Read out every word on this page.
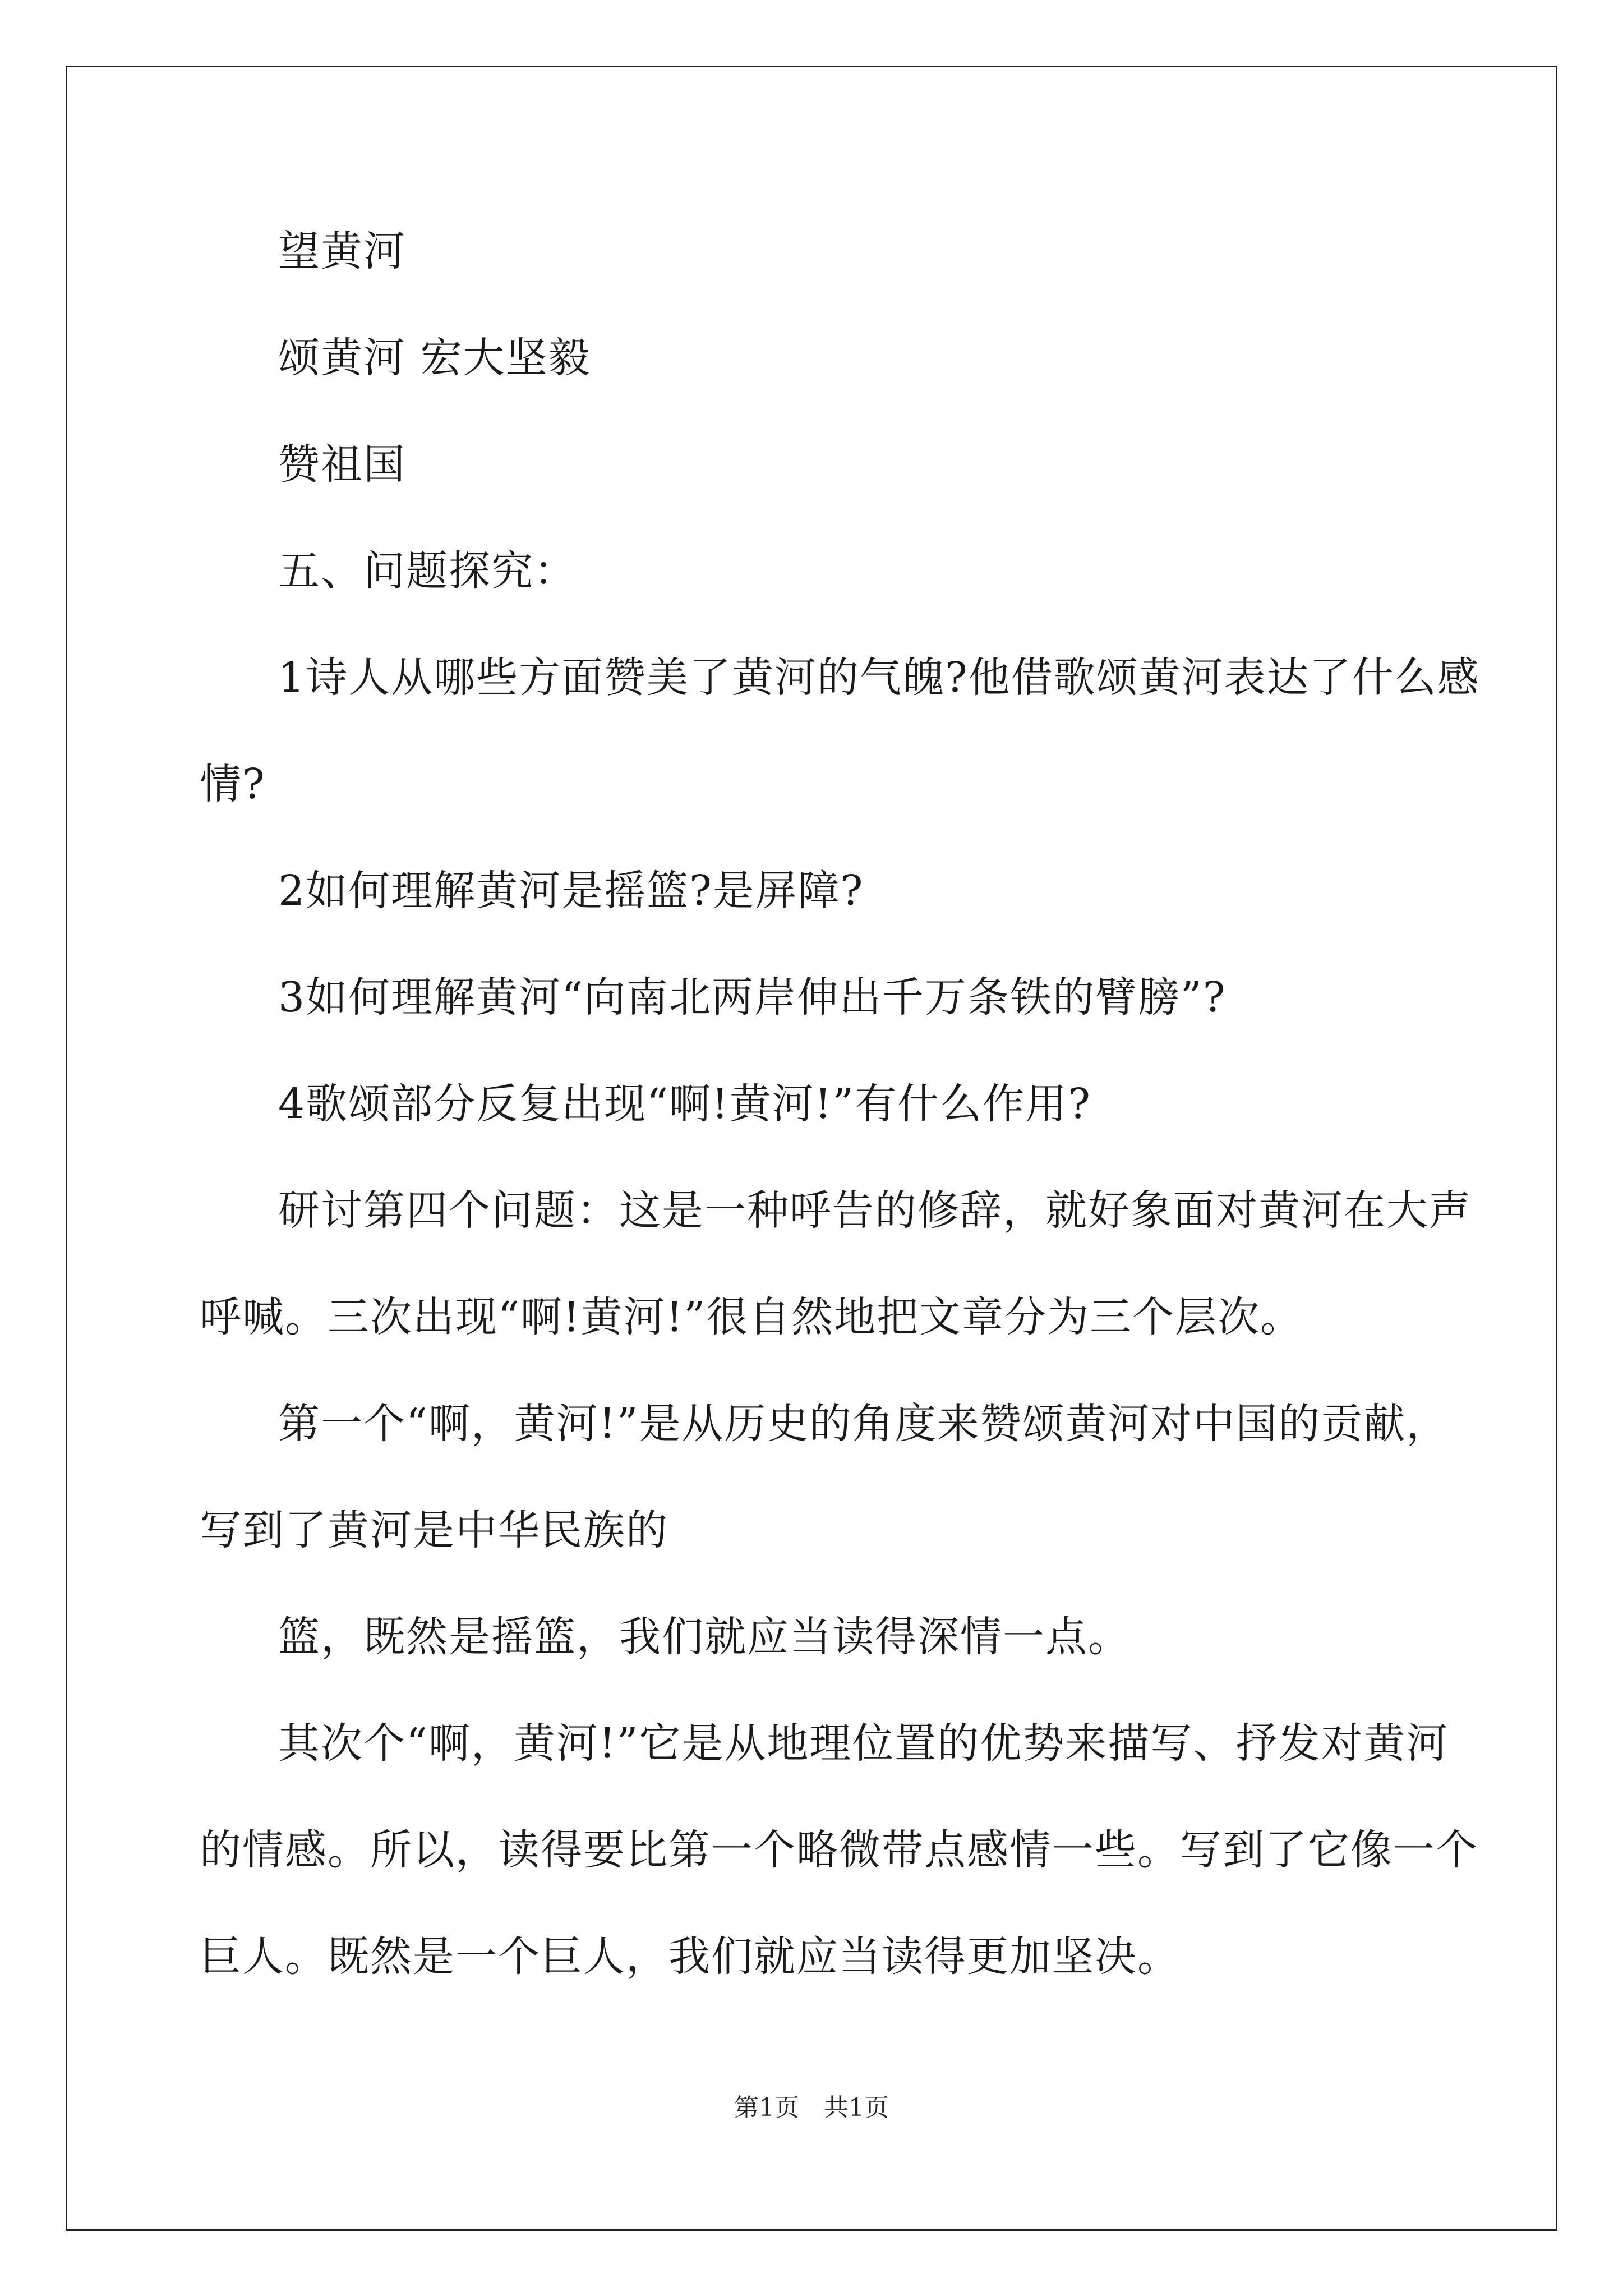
望黄河
颂黄河 宏大坚毅
赞祖国
五、问题探究：
1诗人从哪些方面赞美了黄河的气魄?他借歌颂黄河表达了什么感
情?
2如何理解黄河是摇篮?是屏障?
3如何理解黄河“向南北两岸伸出千万条铁的臂膀”?
4歌颂部分反复出现“啊!黄河!”有什么作用?
研讨第四个问题：这是一种呼告的修辞，就好象面对黄河在大声
呼喊。三次出现“啊!黄河!”很自然地把文章分为三个层次。
第一个“啊，黄河!”是从历史的角度来赞颂黄河对中国的贡献，
写到了黄河是中华民族的
篮，既然是摇篮，我们就应当读得深情一点。
其次个“啊，黄河!”它是从地理位置的优势来描写、抒发对黄河
的情感。所以，读得要比第一个略微带点感情一些。写到了它像一个
巨人。既然是一个巨人，我们就应当读得更加坚决。
第1页　共1页
